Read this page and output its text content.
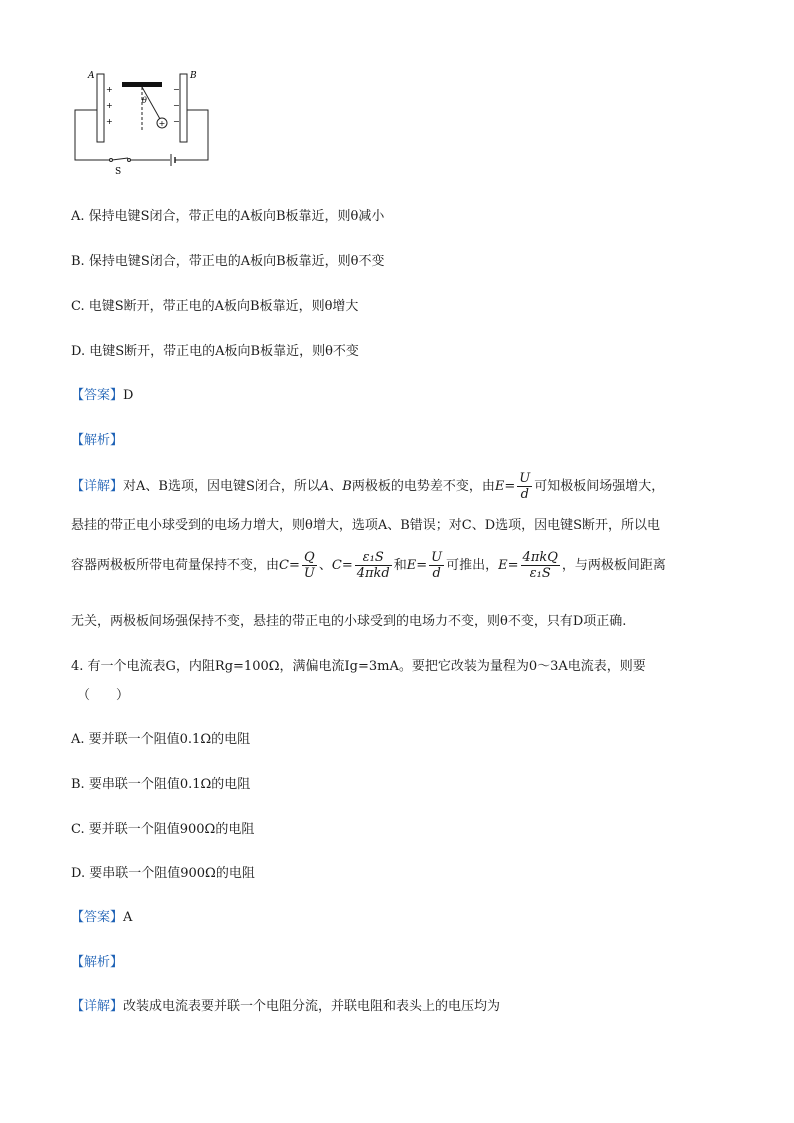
+
A	B
θ
+
+
+
−
−
−
S
A. 保持电键S闭合，带正电的A板向B板靠近，则θ减小
B. 保持电键S闭合，带正电的A板向B板靠近，则θ不变
C. 电键S断开，带正电的A板向B板靠近，则θ增大
D. 电键S断开，带正电的A板向B板靠近，则θ不变
【答案】D
【解析】
【详解】对A、B选项，因电键S闭合，所以A、B两极板的电势差不变，由$E= \frac{U}{d}$ 可知极板间场强增大，
悬挂的带正电小球受到的电场力增大，则θ增大，选项A、B错误；对C、D选项，因电键S断开，所以电
容器两极板所带电荷量保持不变，由$C= \frac{Q}{U}$ 、$C= \frac{\text{ε₁S}}{\text{4πkd}}$ 和$E= \frac{U}{d}$ 可推出，$E= \frac{\text{4πkQ}}{\text{ε₁S}}$ ，与两极板间距离
无关，两极板间场强保持不变，悬挂的带正电的小球受到的电场力不变，则θ不变，只有D项正确.
4. 有一个电流表G，内阻Rg=100Ω，满偏电流Ig=3mA。要把它改装为量程为0～3A电流表，则要
（　　）
A. 要并联一个阻值0.1Ω的电阻
B. 要串联一个阻值0.1Ω的电阻
C. 要并联一个阻值900Ω的电阻
D. 要串联一个阻值900Ω的电阻
【答案】A
【解析】
【详解】改装成电流表要并联一个电阻分流，并联电阻和表头上的电压均为
